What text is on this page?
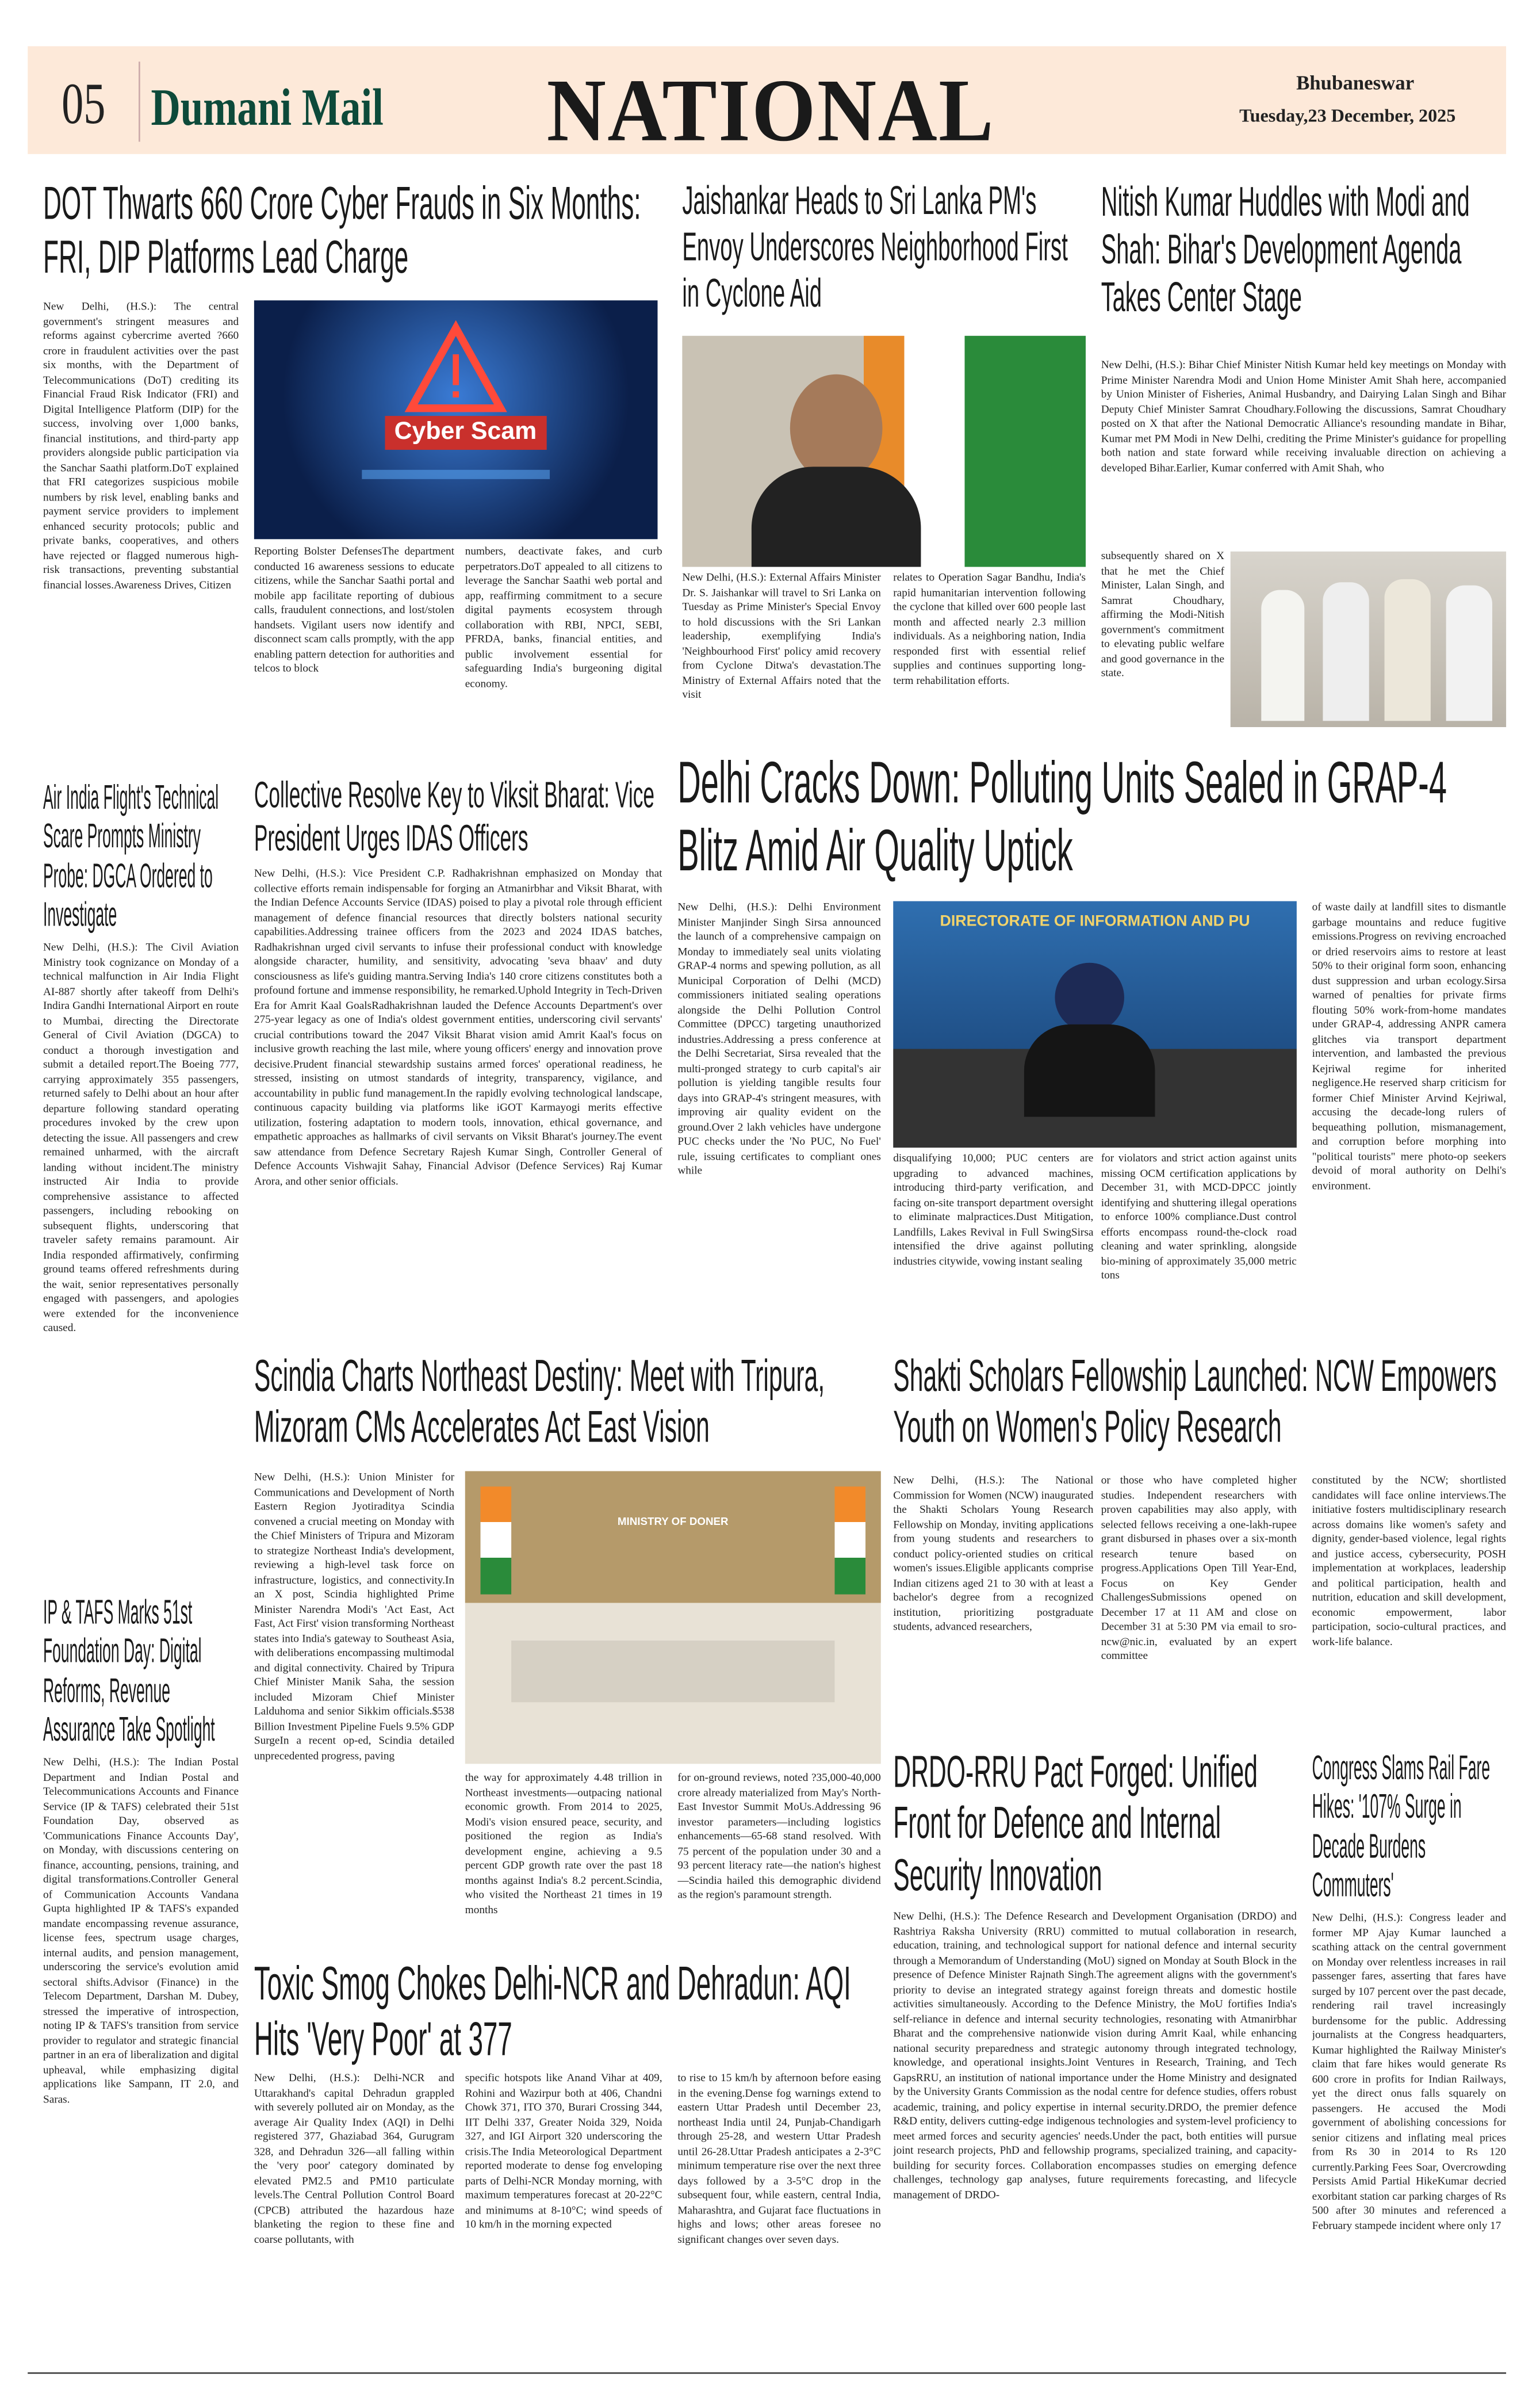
05 Dumani Mail	NATIONAL	Bhubaneswar
Tuesday,23 December, 2025
DOT Thwarts 660 Crore Cyber Frauds in Six Months: FRI, DIP Platforms Lead Charge
New Delhi, (H.S.): The central government's stringent measures and reforms against cybercrime averted ?660 crore in fraudulent activities over the past six months, with the Department of Telecommunications (DoT) crediting its Financial Fraud Risk Indicator (FRI) and Digital Intelligence Platform (DIP) for the success, involving over 1,000 banks, financial institutions, and third-party app providers alongside public participation via the Sanchar Saathi platform.DoT explained that FRI categorizes suspicious mobile numbers by risk level, enabling banks and payment service providers to implement enhanced security protocols; public and private banks, cooperatives, and others have rejected or flagged numerous high-risk transactions, preventing substantial financial losses.Awareness Drives, Citizen
Cyber Scam
Reporting Bolster DefensesThe department conducted 16 awareness sessions to educate citizens, while the Sanchar Saathi portal and mobile app facilitate reporting of dubious calls, fraudulent connections, and lost/stolen handsets. Vigilant users now identify and disconnect scam calls promptly, with the app enabling pattern detection for authorities and telcos to block
numbers, deactivate fakes, and curb perpetrators.DoT appealed to all citizens to leverage the Sanchar Saathi web portal and app, reaffirming commitment to a secure digital payments ecosystem through collaboration with RBI, NPCI, SEBI, PFRDA, banks, financial entities, and public involvement essential for safeguarding India's burgeoning digital economy.
Jaishankar Heads to Sri Lanka PM's Envoy Underscores Neighborhood First in Cyclone Aid
New Delhi, (H.S.): External Affairs Minister Dr. S. Jaishankar will travel to Sri Lanka on Tuesday as Prime Minister's Special Envoy to hold discussions with the Sri Lankan leadership, exemplifying India's 'Neighbourhood First' policy amid recovery from Cyclone Ditwa's devastation.The Ministry of External Affairs noted that the visit
relates to Operation Sagar Bandhu, India's rapid humanitarian intervention following the cyclone that killed over 600 people last month and affected nearly 2.3 million individuals. As a neighboring nation, India responded first with essential relief supplies and continues supporting long-term rehabilitation efforts.
Nitish Kumar Huddles with Modi and Shah: Bihar's Development Agenda Takes Center Stage
New Delhi, (H.S.): Bihar Chief Minister Nitish Kumar held key meetings on Monday with Prime Minister Narendra Modi and Union Home Minister Amit Shah here, accompanied by Union Minister of Fisheries, Animal Husbandry, and Dairying Lalan Singh and Bihar Deputy Chief Minister Samrat Choudhary.Following the discussions, Samrat Choudhary posted on X that after the National Democratic Alliance's resounding mandate in Bihar, Kumar met PM Modi in New Delhi, crediting the Prime Minister's guidance for propelling both nation and state forward while receiving invaluable direction on achieving a developed Bihar.Earlier, Kumar conferred with Amit Shah, who
subsequently shared on X that he met the Chief Minister, Lalan Singh, and Samrat Choudhary, affirming the Modi-Nitish government's commitment to elevating public welfare and good governance in the state.
Air India Flight's Technical Scare Prompts Ministry Probe: DGCA Ordered to Investigate
New Delhi, (H.S.): The Civil Aviation Ministry took cognizance on Monday of a technical malfunction in Air India Flight AI-887 shortly after takeoff from Delhi's Indira Gandhi International Airport en route to Mumbai, directing the Directorate General of Civil Aviation (DGCA) to conduct a thorough investigation and submit a detailed report.The Boeing 777, carrying approximately 355 passengers, returned safely to Delhi about an hour after departure following standard operating procedures invoked by the crew upon detecting the issue. All passengers and crew remained unharmed, with the aircraft landing without incident.The ministry instructed Air India to provide comprehensive assistance to affected passengers, including rebooking on subsequent flights, underscoring that traveler safety remains paramount. Air India responded affirmatively, confirming ground teams offered refreshments during the wait, senior representatives personally engaged with passengers, and apologies were extended for the inconvenience caused.
Collective Resolve Key to Viksit Bharat: Vice President Urges IDAS Officers
New Delhi, (H.S.): Vice President C.P. Radhakrishnan emphasized on Monday that collective efforts remain indispensable for forging an Atmanirbhar and Viksit Bharat, with the Indian Defence Accounts Service (IDAS) poised to play a pivotal role through efficient management of defence financial resources that directly bolsters national security capabilities.Addressing trainee officers from the 2023 and 2024 IDAS batches, Radhakrishnan urged civil servants to infuse their professional conduct with knowledge alongside character, humility, and sensitivity, advocating 'seva bhaav' and duty consciousness as life's guiding mantra.Serving India's 140 crore citizens constitutes both a profound fortune and immense responsibility, he remarked.Uphold Integrity in Tech-Driven Era for Amrit Kaal GoalsRadhakrishnan lauded the Defence Accounts Department's over 275-year legacy as one of India's oldest government entities, underscoring civil servants' crucial contributions toward the 2047 Viksit Bharat vision amid Amrit Kaal's focus on inclusive growth reaching the last mile, where young officers' energy and innovation prove decisive.Prudent financial stewardship sustains armed forces' operational readiness, he stressed, insisting on utmost standards of integrity, transparency, vigilance, and accountability in public fund management.In the rapidly evolving technological landscape, continuous capacity building via platforms like iGOT Karmayogi merits effective utilization, fostering adaptation to modern tools, innovation, ethical governance, and empathetic approaches as hallmarks of civil servants on Viksit Bharat's journey.The event saw attendance from Defence Secretary Rajesh Kumar Singh, Controller General of Defence Accounts Vishwajit Sahay, Financial Advisor (Defence Services) Raj Kumar Arora, and other senior officials.
Delhi Cracks Down: Polluting Units Sealed in GRAP-4 Blitz Amid Air Quality Uptick
New Delhi, (H.S.): Delhi Environment Minister Manjinder Singh Sirsa announced the launch of a comprehensive campaign on Monday to immediately seal units violating GRAP-4 norms and spewing pollution, as all Municipal Corporation of Delhi (MCD) commissioners initiated sealing operations alongside the Delhi Pollution Control Committee (DPCC) targeting unauthorized industries.Addressing a press conference at the Delhi Secretariat, Sirsa revealed that the multi-pronged strategy to curb capital's air pollution is yielding tangible results four days into GRAP-4's stringent measures, with improving air quality evident on the ground.Over 2 lakh vehicles have undergone PUC checks under the 'No PUC, No Fuel' rule, issuing certificates to compliant ones while
DIRECTORATE OF INFORMATION AND PU
disqualifying 10,000; PUC centers are upgrading to advanced machines, introducing third-party verification, and facing on-site transport department oversight to eliminate malpractices.Dust Mitigation, Landfills, Lakes Revival in Full SwingSirsa intensified the drive against polluting industries citywide, vowing instant sealing
for violators and strict action against units missing OCM certification applications by December 31, with MCD-DPCC jointly identifying and shuttering illegal operations to enforce 100% compliance.Dust control efforts encompass round-the-clock road cleaning and water sprinkling, alongside bio-mining of approximately 35,000 metric tons
of waste daily at landfill sites to dismantle garbage mountains and reduce fugitive emissions.Progress on reviving encroached or dried reservoirs aims to restore at least 50% to their original form soon, enhancing dust suppression and urban ecology.Sirsa warned of penalties for private firms flouting 50% work-from-home mandates under GRAP-4, addressing ANPR camera glitches via transport department intervention, and lambasted the previous Kejriwal regime for inherited negligence.He reserved sharp criticism for former Chief Minister Arvind Kejriwal, accusing the decade-long rulers of bequeathing pollution, mismanagement, and corruption before morphing into "political tourists" mere photo-op seekers devoid of moral authority on Delhi's environment.
IP & TAFS Marks 51st Foundation Day: Digital Reforms, Revenue Assurance Take Spotlight
New Delhi, (H.S.): The Indian Postal Department and Indian Postal and Telecommunications Accounts and Finance Service (IP & TAFS) celebrated their 51st Foundation Day, observed as 'Communications Finance Accounts Day', on Monday, with discussions centering on finance, accounting, pensions, training, and digital transformations.Controller General of Communication Accounts Vandana Gupta highlighted IP & TAFS's expanded mandate encompassing revenue assurance, license fees, spectrum usage charges, internal audits, and pension management, underscoring the service's evolution amid sectoral shifts.Advisor (Finance) in the Telecom Department, Darshan M. Dubey, stressed the imperative of introspection, noting IP & TAFS's transition from service provider to regulator and strategic financial partner in an era of liberalization and digital upheaval, while emphasizing digital applications like Sampann, IT 2.0, and Saras.
Scindia Charts Northeast Destiny: Meet with Tripura, Mizoram CMs Accelerates Act East Vision
New Delhi, (H.S.): Union Minister for Communications and Development of North Eastern Region Jyotiraditya Scindia convened a crucial meeting on Monday with the Chief Ministers of Tripura and Mizoram to strategize Northeast India's development, reviewing a high-level task force on infrastructure, logistics, and connectivity.In an X post, Scindia highlighted Prime Minister Narendra Modi's 'Act East, Act Fast, Act First' vision transforming Northeast states into India's gateway to Southeast Asia, with deliberations encompassing multimodal and digital connectivity. Chaired by Tripura Chief Minister Manik Saha, the session included Mizoram Chief Minister Lalduhoma and senior Sikkim officials.$538 Billion Investment Pipeline Fuels 9.5% GDP SurgeIn a recent op-ed, Scindia detailed unprecedented progress, paving
MINISTRY OF DONER
the way for approximately 4.48 trillion in Northeast investments—outpacing national economic growth. From 2014 to 2025, Modi's vision ensured peace, security, and positioned the region as India's development engine, achieving a 9.5 percent GDP growth rate over the past 18 months against India's 8.2 percent.Scindia, who visited the Northeast 21 times in 19 months
for on-ground reviews, noted ?35,000-40,000 crore already materialized from May's North-East Investor Summit MoUs.Addressing 96 investor parameters—including logistics enhancements—65-68 stand resolved. With 75 percent of the population under 30 and a 93 percent literacy rate—the nation's highest—Scindia hailed this demographic dividend as the region's paramount strength.
Shakti Scholars Fellowship Launched: NCW Empowers Youth on Women's Policy Research
New Delhi, (H.S.): The National Commission for Women (NCW) inaugurated the Shakti Scholars Young Research Fellowship on Monday, inviting applications from young students and researchers to conduct policy-oriented studies on critical women's issues.Eligible applicants comprise Indian citizens aged 21 to 30 with at least a bachelor's degree from a recognized institution, prioritizing postgraduate students, advanced researchers,
or those who have completed higher studies. Independent researchers with proven capabilities may also apply, with selected fellows receiving a one-lakh-rupee grant disbursed in phases over a six-month research tenure based on progress.Applications Open Till Year-End, Focus on Key Gender ChallengesSubmissions opened on December 17 at 11 AM and close on December 31 at 5:30 PM via email to sro-ncw@nic.in, evaluated by an expert committee
constituted by the NCW; shortlisted candidates will face online interviews.The initiative fosters multidisciplinary research across domains like women's safety and dignity, gender-based violence, legal rights and justice access, cybersecurity, POSH implementation at workplaces, leadership and political participation, health and nutrition, education and skill development, economic empowerment, labor participation, socio-cultural practices, and work-life balance.
Toxic Smog Chokes Delhi-NCR and Dehradun: AQI Hits 'Very Poor' at 377
New Delhi, (H.S.): Delhi-NCR and Uttarakhand's capital Dehradun grappled with severely polluted air on Monday, as the average Air Quality Index (AQI) in Delhi registered 377, Ghaziabad 364, Gurugram 328, and Dehradun 326—all falling within the 'very poor' category dominated by elevated PM2.5 and PM10 particulate levels.The Central Pollution Control Board (CPCB) attributed the hazardous haze blanketing the region to these fine and coarse pollutants, with
specific hotspots like Anand Vihar at 409, Rohini and Wazirpur both at 406, Chandni Chowk 371, ITO 370, Burari Crossing 344, IIT Delhi 337, Greater Noida 329, Noida 327, and IGI Airport 320 underscoring the crisis.The India Meteorological Department reported moderate to dense fog enveloping parts of Delhi-NCR Monday morning, with maximum temperatures forecast at 20-22°C and minimums at 8-10°C; wind speeds of 10 km/h in the morning expected
to rise to 15 km/h by afternoon before easing in the evening.Dense fog warnings extend to eastern Uttar Pradesh until December 23, northeast India until 24, Punjab-Chandigarh through 25-28, and western Uttar Pradesh until 26-28.Uttar Pradesh anticipates a 2-3°C minimum temperature rise over the next three days followed by a 3-5°C drop in the subsequent four, while eastern, central India, Maharashtra, and Gujarat face fluctuations in highs and lows; other areas foresee no significant changes over seven days.
DRDO-RRU Pact Forged: Unified Front for Defence and Internal Security Innovation
New Delhi, (H.S.): The Defence Research and Development Organisation (DRDO) and Rashtriya Raksha University (RRU) committed to mutual collaboration in research, education, training, and technological support for national defence and internal security through a Memorandum of Understanding (MoU) signed on Monday at South Block in the presence of Defence Minister Rajnath Singh.The agreement aligns with the government's priority to devise an integrated strategy against foreign threats and domestic hostile activities simultaneously. According to the Defence Ministry, the MoU fortifies India's self-reliance in defence and internal security technologies, resonating with Atmanirbhar Bharat and the comprehensive nationwide vision during Amrit Kaal, while enhancing national security preparedness and strategic autonomy through integrated technology, knowledge, and operational insights.Joint Ventures in Research, Training, and Tech GapsRRU, an institution of national importance under the Home Ministry and designated by the University Grants Commission as the nodal centre for defence studies, offers robust academic, training, and policy expertise in internal security.DRDO, the premier defence R&D entity, delivers cutting-edge indigenous technologies and system-level proficiency to meet armed forces and security agencies' needs.Under the pact, both entities will pursue joint research projects, PhD and fellowship programs, specialized training, and capacity-building for security forces. Collaboration encompasses studies on emerging defence challenges, technology gap analyses, future requirements forecasting, and lifecycle management of DRDO-
Congress Slams Rail Fare Hikes: '107% Surge in Decade Burdens Commuters'
New Delhi, (H.S.): Congress leader and former MP Ajay Kumar launched a scathing attack on the central government on Monday over relentless increases in rail passenger fares, asserting that fares have surged by 107 percent over the past decade, rendering rail travel increasingly burdensome for the public. Addressing journalists at the Congress headquarters, Kumar highlighted the Railway Minister's claim that fare hikes would generate Rs 600 crore in profits for Indian Railways, yet the direct onus falls squarely on passengers. He accused the Modi government of abolishing concessions for senior citizens and inflating meal prices from Rs 30 in 2014 to Rs 120 currently.Parking Fees Soar, Overcrowding Persists Amid Partial HikeKumar decried exorbitant station car parking charges of Rs 500 after 30 minutes and referenced a February stampede incident where only 17
